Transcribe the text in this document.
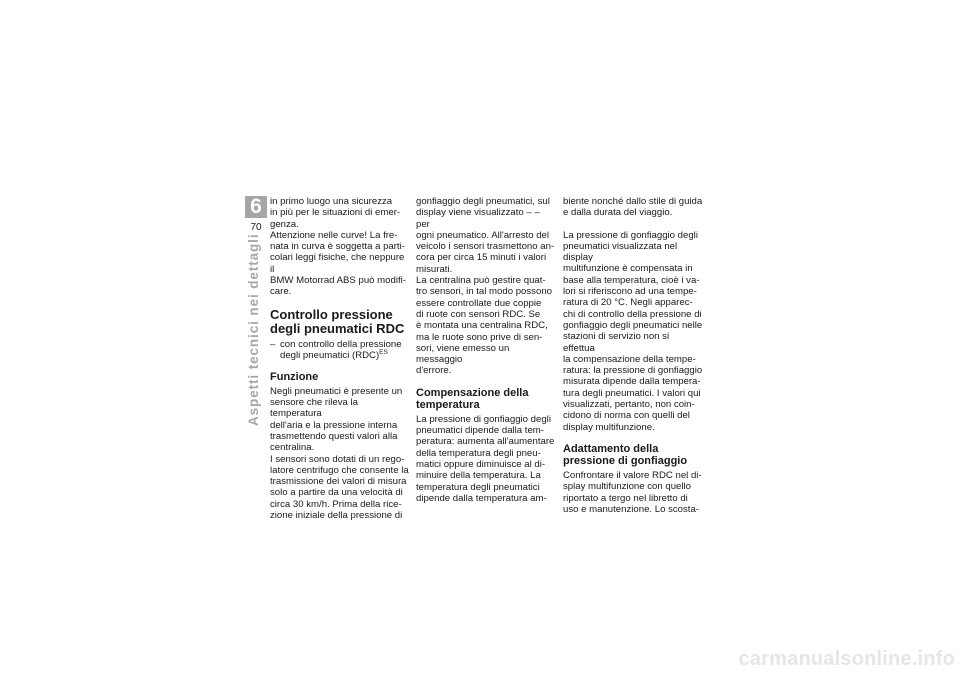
6
70
Aspetti tecnici nei dettagli

in primo luogo una sicurezza
in più per le situazioni di emer-
genza.

Attenzione nelle curve! La fre-
nata in curva è soggetta a parti-
colari leggi fisiche, che neppure il
BMW Motorrad ABS può modifi-
care.

Controllo pressione
degli pneumatici RDC
– con controllo della pressione
degli pneumatici (RDC)$^{ES}$
Funzione

Negli pneumatici è presente un
sensore che rileva la temperatura
dell'aria e la pressione interna
trasmettendo questi valori alla
centralina.

I sensori sono dotati di un rego-
latore centrifugo che consente la
trasmissione dei valori di misura
solo a partire da una velocità di
circa 30 km/h. Prima della rice-
zione iniziale della pressione di

gonfiaggio degli pneumatici, sul
display viene visualizzato – – per
ogni pneumatico. All'arresto del
veicolo i sensori trasmettono an-
cora per circa 15 minuti i valori
misurati.

La centralina può gestire quat-
tro sensori, in tal modo possono
essere controllate due coppie
di ruote con sensori RDC. Se
è montata una centralina RDC,
ma le ruote sono prive di sen-
sori, viene emesso un messaggio
d'errore.

Compensazione della
temperatura

La pressione di gonfiaggio degli
pneumatici dipende dalla tem-
peratura: aumenta all'aumentare
della temperatura degli pneu-
matici oppure diminuisce al di-
minuire della temperatura. La
temperatura degli pneumatici
dipende dalla temperatura am-

biente nonché dallo stile di guida
e dalla durata del viaggio.

La pressione di gonfiaggio degli
pneumatici visualizzata nel display
multifunzione è compensata in
base alla temperatura, cioè i va-
lori si riferiscono ad una tempe-
ratura di 20 °C. Negli apparec-
chi di controllo della pressione di
gonfiaggio degli pneumatici nelle
stazioni di servizio non si effettua
la compensazione della tempe-
ratura: la pressione di gonfiaggio
misurata dipende dalla tempera-
tura degli pneumatici. I valori qui
visualizzati, pertanto, non coin-
cidono di norma con quelli del
display multifunzione.

Adattamento della
pressione di gonfiaggio

Confrontare il valore RDC nel di-
splay multifunzione con quello
riportato a tergo nel libretto di
uso e manutenzione. Lo scosta-

carmanualsonline.info
